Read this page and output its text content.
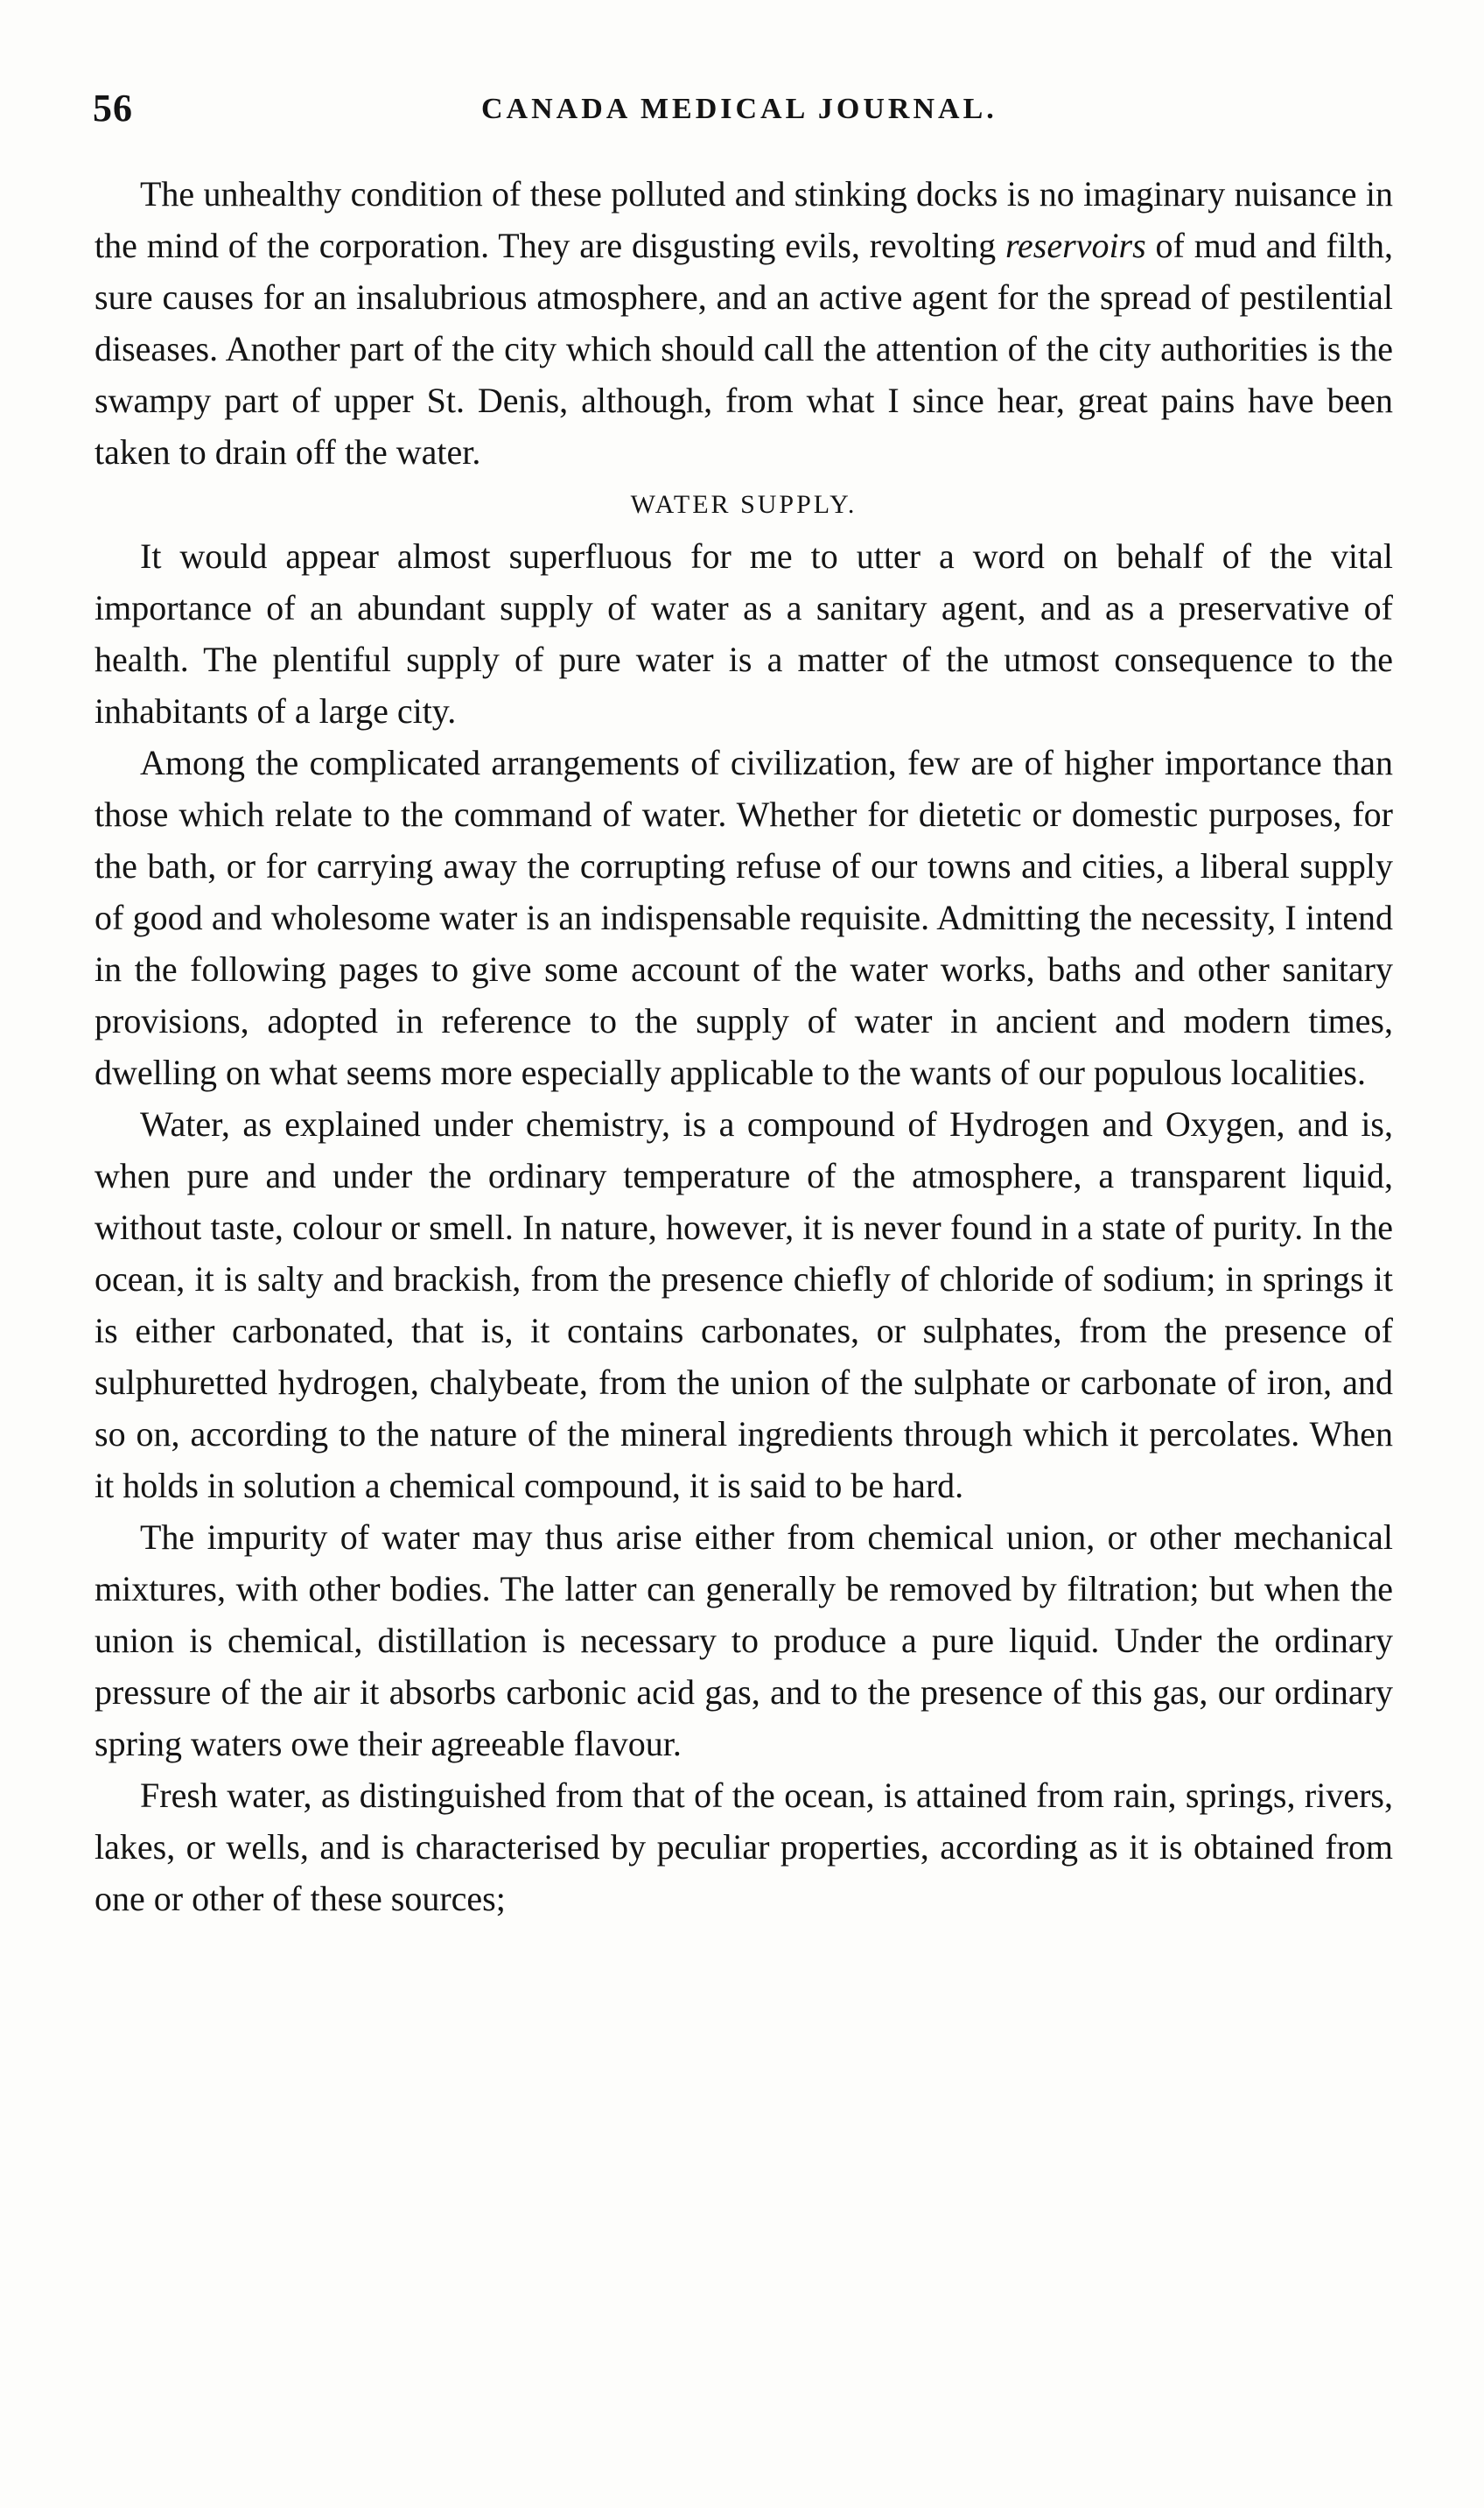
56	CANADA MEDICAL JOURNAL.

The unhealthy condition of these polluted and stinking docks is no imaginary nuisance in the mind of the corporation. They are disgusting evils, revolting reservoirs of mud and filth, sure causes for an insalubrious atmosphere, and an active agent for the spread of pestilential diseases. Another part of the city which should call the attention of the city authorities is the swampy part of upper St. Denis, although, from what I since hear, great pains have been taken to drain off the water.

WATER SUPPLY.

It would appear almost superfluous for me to utter a word on behalf of the vital importance of an abundant supply of water as a sanitary agent, and as a preservative of health. The plentiful supply of pure water is a matter of the utmost consequence to the inhabitants of a large city.

Among the complicated arrangements of civilization, few are of higher importance than those which relate to the command of water. Whether for dietetic or domestic purposes, for the bath, or for carrying away the corrupting refuse of our towns and cities, a liberal supply of good and wholesome water is an indispensable requisite. Admitting the necessity, I intend in the following pages to give some account of the water works, baths and other sanitary provisions, adopted in reference to the supply of water in ancient and modern times, dwelling on what seems more especially applicable to the wants of our populous localities.

Water, as explained under chemistry, is a compound of Hydrogen and Oxygen, and is, when pure and under the ordinary temperature of the atmosphere, a transparent liquid, without taste, colour or smell. In nature, however, it is never found in a state of purity. In the ocean, it is salty and brackish, from the presence chiefly of chloride of sodium; in springs it is either carbonated, that is, it contains carbonates, or sulphates, from the presence of sulphuretted hydrogen, chalybeate, from the union of the sulphate or carbonate of iron, and so on, according to the nature of the mineral ingredients through which it percolates. When it holds in solution a chemical compound, it is said to be hard.

The impurity of water may thus arise either from chemical union, or other mechanical mixtures, with other bodies. The latter can generally be removed by filtration; but when the union is chemical, distillation is necessary to produce a pure liquid. Under the ordinary pressure of the air it absorbs carbonic acid gas, and to the presence of this gas, our ordinary spring waters owe their agreeable flavour.

Fresh water, as distinguished from that of the ocean, is attained from rain, springs, rivers, lakes, or wells, and is characterised by peculiar properties, according as it is obtained from one or other of these sources;
